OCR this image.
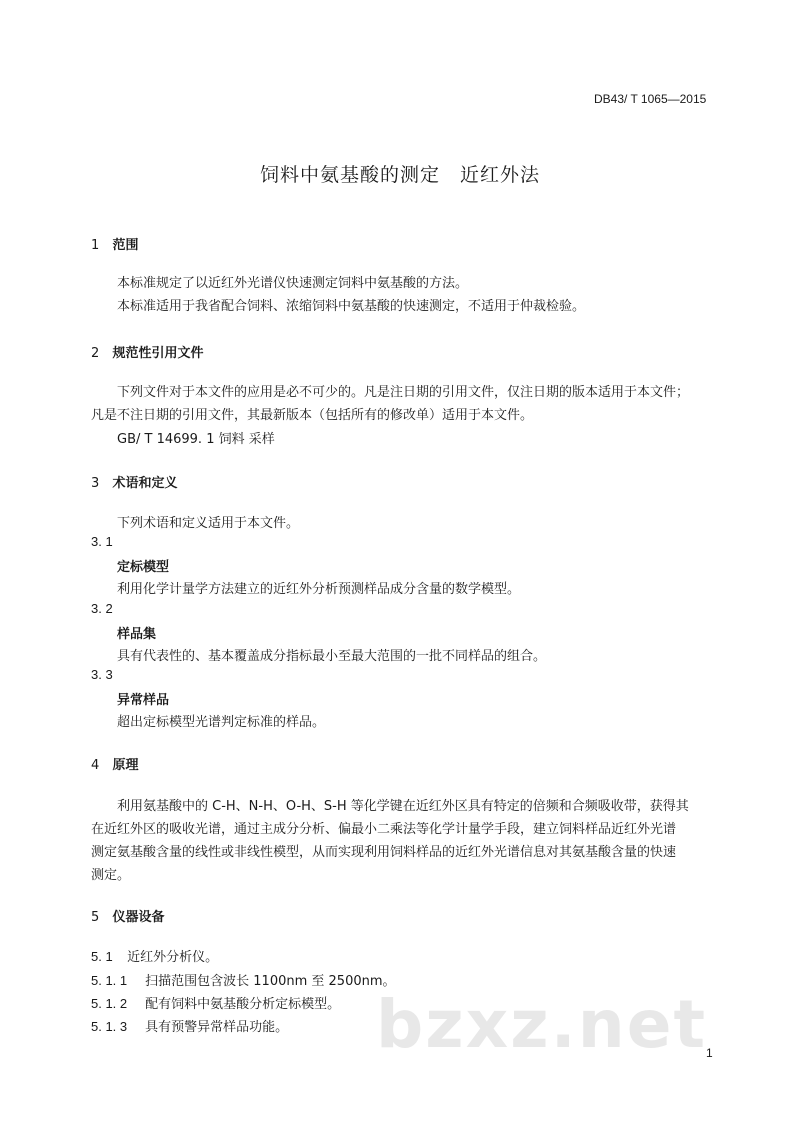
DB43/ T 1065—2015
饲料中氨基酸的测定　近红外法
1 范围
本标准规定了以近红外光谱仪快速测定饲料中氨基酸的方法。
本标准适用于我省配合饲料、浓缩饲料中氨基酸的快速测定，不适用于仲裁检验。
2 规范性引用文件
下列文件对于本文件的应用是必不可少的。凡是注日期的引用文件，仅注日期的版本适用于本文件；
凡是不注日期的引用文件，其最新版本（包括所有的修改单）适用于本文件。
GB/ T 14699. 1 饲料 采样
3 术语和定义
下列术语和定义适用于本文件。
3. 1
定标模型
利用化学计量学方法建立的近红外分析预测样品成分含量的数学模型。
3. 2
样品集
具有代表性的、基本覆盖成分指标最小至最大范围的一批不同样品的组合。
3. 3
异常样品
超出定标模型光谱判定标准的样品。
4 原理
利用氨基酸中的 C-H、N-H、O-H、S-H 等化学键在近红外区具有特定的倍频和合频吸收带，获得其
在近红外区的吸收光谱，通过主成分分析、偏最小二乘法等化学计量学手段，建立饲料样品近红外光谱
测定氨基酸含量的线性或非线性模型，从而实现利用饲料样品的近红外光谱信息对其氨基酸含量的快速
测定。
5 仪器设备
5. 1 近红外分析仪。
5. 1. 1 扫描范围包含波长 1100nm 至 2500nm。
5. 1. 2 配有饲料中氨基酸分析定标模型。
5. 1. 3 具有预警异常样品功能。 bzxz.net
1
